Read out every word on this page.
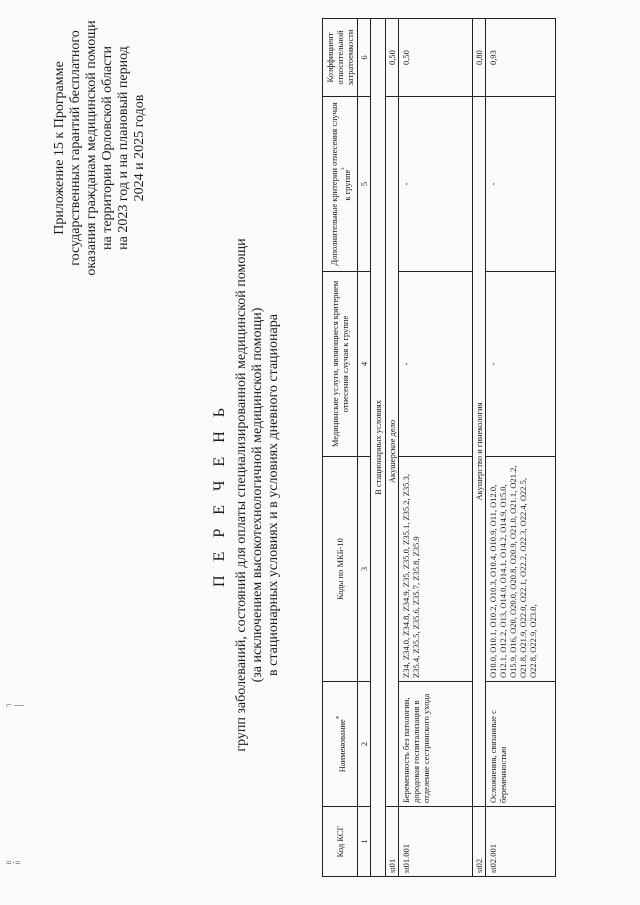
⌐ —
=·=
Приложение 15 к Программе государственных гарантий бесплатного оказания гражданам медицинской помощи на территории Орловской области на 2023 год и на плановый период 2024 и 2025 годов
П Е Р Е Ч Е Н Ь групп заболеваний, состояний для оплаты специализированной медицинской помощи (за исключением высокотехнологичной медицинской помощи) в стационарных условиях и в условиях дневного стационара
Код КСГ	Наименование*	Коды по МКБ-10	Медицинские услуги, являющиеся критерием отнесения случая к группе	Дополнительные критерии отнесения случая к группе$^{^2}$	Коэффициент относительной затратоемкости
1	2	3	4	5	6
В стационарных условиях					
st01	Акушерское дело				0,50
st01.001	Беременность без патологии, дородовая госпитализация в отделение сестринского ухода	Z34, Z34.0, Z34.8, Z34.9, Z35, Z35.0, Z35.1, Z35.2, Z35.3, Z35.4, Z35.5, Z35.6, Z35.7, Z35.8, Z35.9	-	-	0,50
st02	Акушерство и гинекология				0,80
st02.001	Осложнения, связанные с беременностью	O10.0, O10.1, O10.2, O10.3, O10.4, O10.9, O11, O12.0, O12.1, O12.2, O13, O14.0, O14.1, O14.2, O14.9, O15.0, O15.9, O16, O20, O20.0, O20.8, O20.9, O21.0, O21.1, O21.2, O21.8, O21.9, O22.0, O22.1, O22.2, O22.3, O22.4, O22.5, O22.8, O22.9, O23.0,	-	-	0,93
